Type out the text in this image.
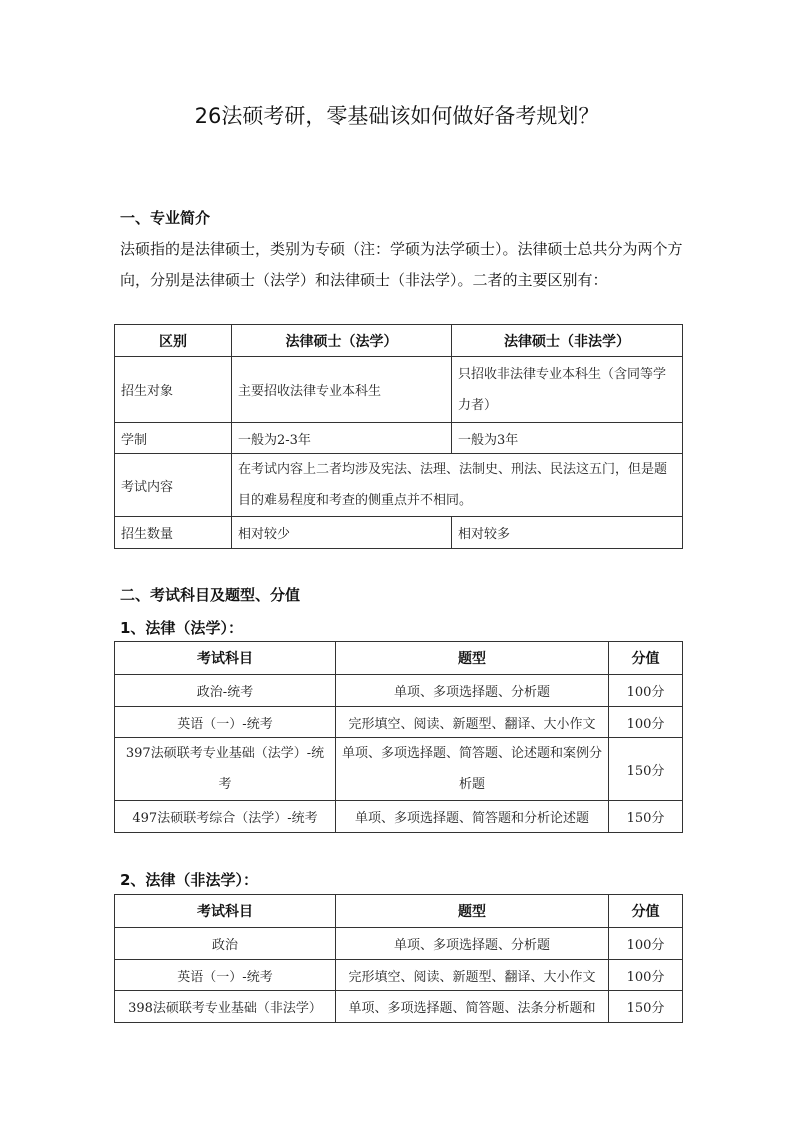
26法硕考研，零基础该如何做好备考规划？
一、专业简介
法硕指的是法律硕士，类别为专硕（注：学硕为法学硕士）。法律硕士总共分为两个方向，分别是法律硕士（法学）和法律硕士（非法学）。二者的主要区别有：
区别	法律硕士（法学）	法律硕士（非法学）
招生对象	主要招收法律专业本科生	只招收非法律专业本科生（含同等学力者）
学制	一般为2-3年	一般为3年
考试内容	在考试内容上二者均涉及宪法、法理、法制史、刑法、民法这五门，但是题目的难易程度和考查的侧重点并不相同。	
招生数量	相对较少	相对较多
二、考试科目及题型、分值
1、法律（法学）：
考试科目	题型	分值
政治-统考	单项、多项选择题、分析题	100分
英语（一）-统考	完形填空、阅读、新题型、翻译、大小作文	100分
397法硕联考专业基础（法学）-统考	单项、多项选择题、简答题、论述题和案例分析题	150分
497法硕联考综合（法学）-统考	单项、多项选择题、简答题和分析论述题	150分
2、法律（非法学）：
考试科目	题型	分值
政治	单项、多项选择题、分析题	100分
英语（一）-统考	完形填空、阅读、新题型、翻译、大小作文	100分
398法硕联考专业基础（非法学）	单项、多项选择题、简答题、法条分析题和	150分
